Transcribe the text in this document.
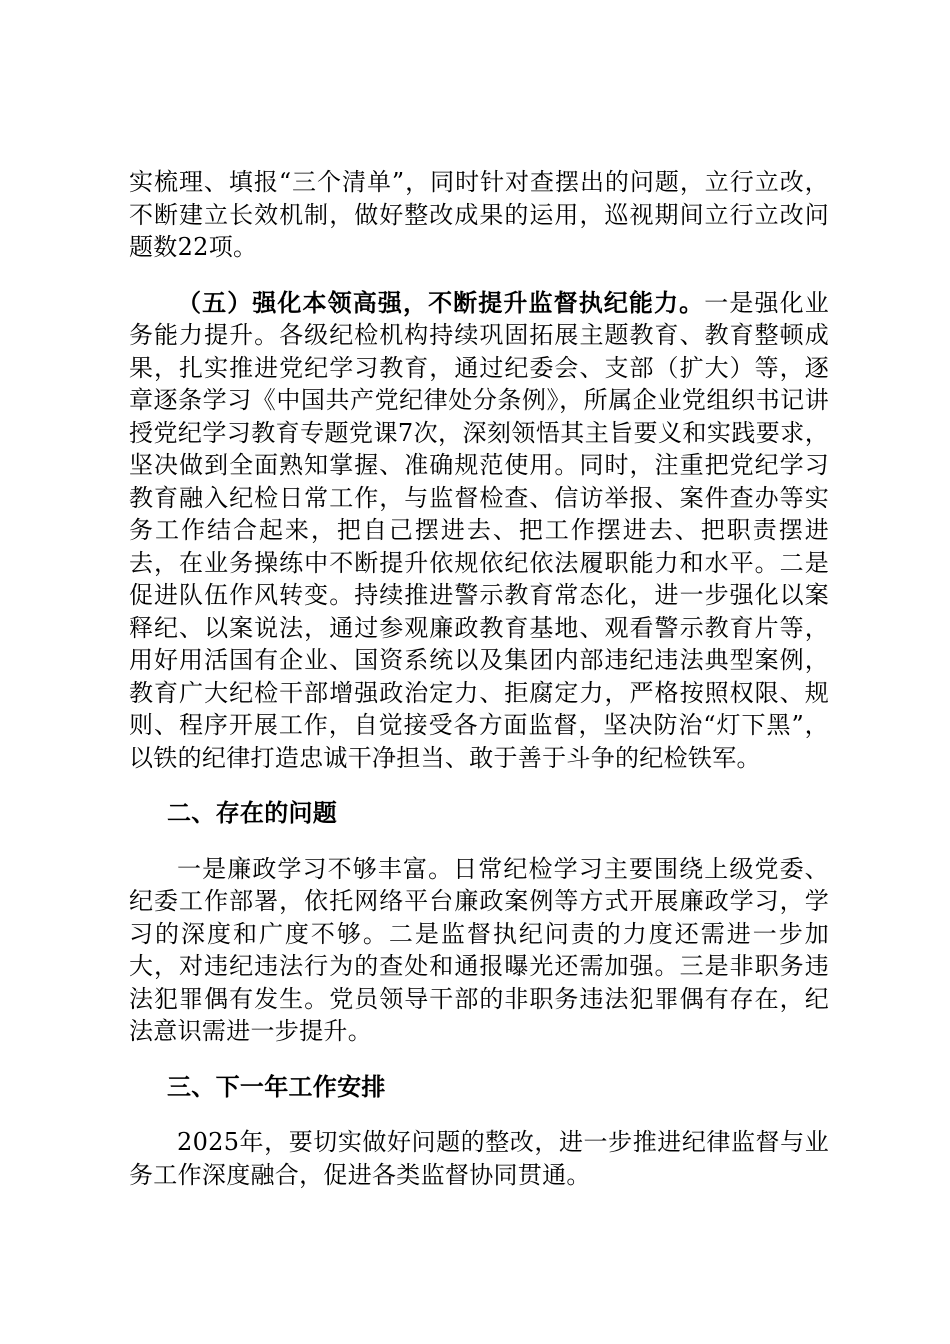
实梳理、填报“三个清单”，同时针对查摆出的问题，立行立改，不断建立长效机制，做好整改成果的运用，巡视期间立行立改问题数22项。

（五）强化本领高强，不断提升监督执纪能力。一是强化业务能力提升。各级纪检机构持续巩固拓展主题教育、教育整顿成果，扎实推进党纪学习教育，通过纪委会、支部（扩大）等，逐章逐条学习《中国共产党纪律处分条例》，所属企业党组织书记讲授党纪学习教育专题党课7次，深刻领悟其主旨要义和实践要求，坚决做到全面熟知掌握、准确规范使用。同时，注重把党纪学习教育融入纪检日常工作，与监督检查、信访举报、案件查办等实务工作结合起来，把自己摆进去、把工作摆进去、把职责摆进去，在业务操练中不断提升依规依纪依法履职能力和水平。二是促进队伍作风转变。持续推进警示教育常态化，进一步强化以案释纪、以案说法，通过参观廉政教育基地、观看警示教育片等，用好用活国有企业、国资系统以及集团内部违纪违法典型案例，教育广大纪检干部增强政治定力、拒腐定力，严格按照权限、规则、程序开展工作，自觉接受各方面监督，坚决防治“灯下黑”，以铁的纪律打造忠诚干净担当、敢于善于斗争的纪检铁军。

二、存在的问题

一是廉政学习不够丰富。日常纪检学习主要围绕上级党委、纪委工作部署，依托网络平台廉政案例等方式开展廉政学习，学习的深度和广度不够。二是监督执纪问责的力度还需进一步加大，对违纪违法行为的查处和通报曝光还需加强。三是非职务违法犯罪偶有发生。党员领导干部的非职务违法犯罪偶有存在，纪法意识需进一步提升。

三、下一年工作安排

2025年，要切实做好问题的整改，进一步推进纪律监督与业务工作深度融合，促进各类监督协同贯通。
